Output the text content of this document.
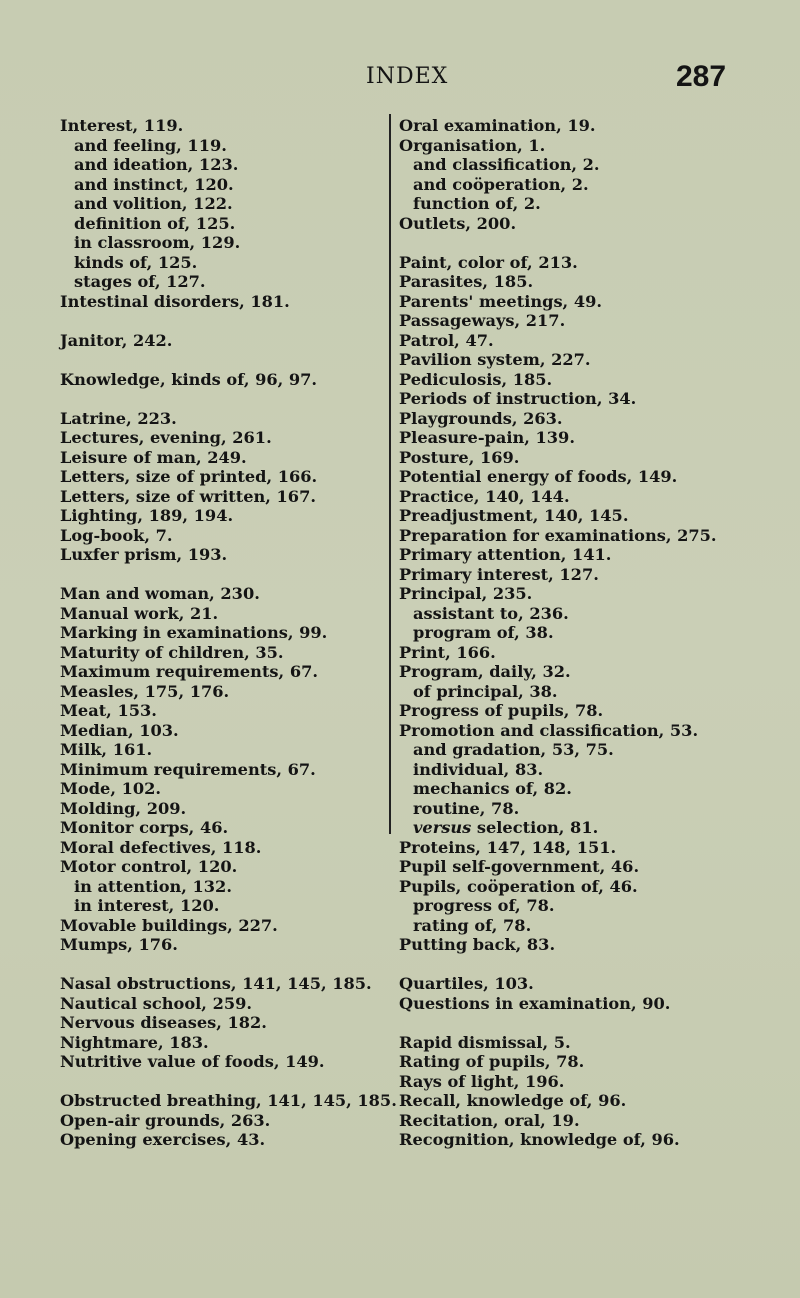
INDEX	287
Interest, 119.
and feeling, 119.
and ideation, 123.
and instinct, 120.
and volition, 122.
definition of, 125.
in classroom, 129.
kinds of, 125.
stages of, 127.
Intestinal disorders, 181.
Janitor, 242.
Knowledge, kinds of, 96, 97.
Latrine, 223.
Lectures, evening, 261.
Leisure of man, 249.
Letters, size of printed, 166.
Letters, size of written, 167.
Lighting, 189, 194.
Log-book, 7.
Luxfer prism, 193.
Man and woman, 230.
Manual work, 21.
Marking in examinations, 99.
Maturity of children, 35.
Maximum requirements, 67.
Measles, 175, 176.
Meat, 153.
Median, 103.
Milk, 161.
Minimum requirements, 67.
Mode, 102.
Molding, 209.
Monitor corps, 46.
Moral defectives, 118.
Motor control, 120.
in attention, 132.
in interest, 120.
Movable buildings, 227.
Mumps, 176.
Nasal obstructions, 141, 145, 185.
Nautical school, 259.
Nervous diseases, 182.
Nightmare, 183.
Nutritive value of foods, 149.
Obstructed breathing, 141, 145, 185.
Open-air grounds, 263.
Opening exercises, 43.
Oral examination, 19.
Organisation, 1.
and classification, 2.
and coöperation, 2.
function of, 2.
Outlets, 200.
Paint, color of, 213.
Parasites, 185.
Parents' meetings, 49.
Passageways, 217.
Patrol, 47.
Pavilion system, 227.
Pediculosis, 185.
Periods of instruction, 34.
Playgrounds, 263.
Pleasure-pain, 139.
Posture, 169.
Potential energy of foods, 149.
Practice, 140, 144.
Preadjustment, 140, 145.
Preparation for examinations, 275.
Primary attention, 141.
Primary interest, 127.
Principal, 235.
assistant to, 236.
program of, 38.
Print, 166.
Program, daily, 32.
of principal, 38.
Progress of pupils, 78.
Promotion and classification, 53.
and gradation, 53, 75.
individual, 83.
mechanics of, 82.
routine, 78.
versus selection, 81.
Proteins, 147, 148, 151.
Pupil self-government, 46.
Pupils, coöperation of, 46.
progress of, 78.
rating of, 78.
Putting back, 83.
Quartiles, 103.
Questions in examination, 90.
Rapid dismissal, 5.
Rating of pupils, 78.
Rays of light, 196.
Recall, knowledge of, 96.
Recitation, oral, 19.
Recognition, knowledge of, 96.
